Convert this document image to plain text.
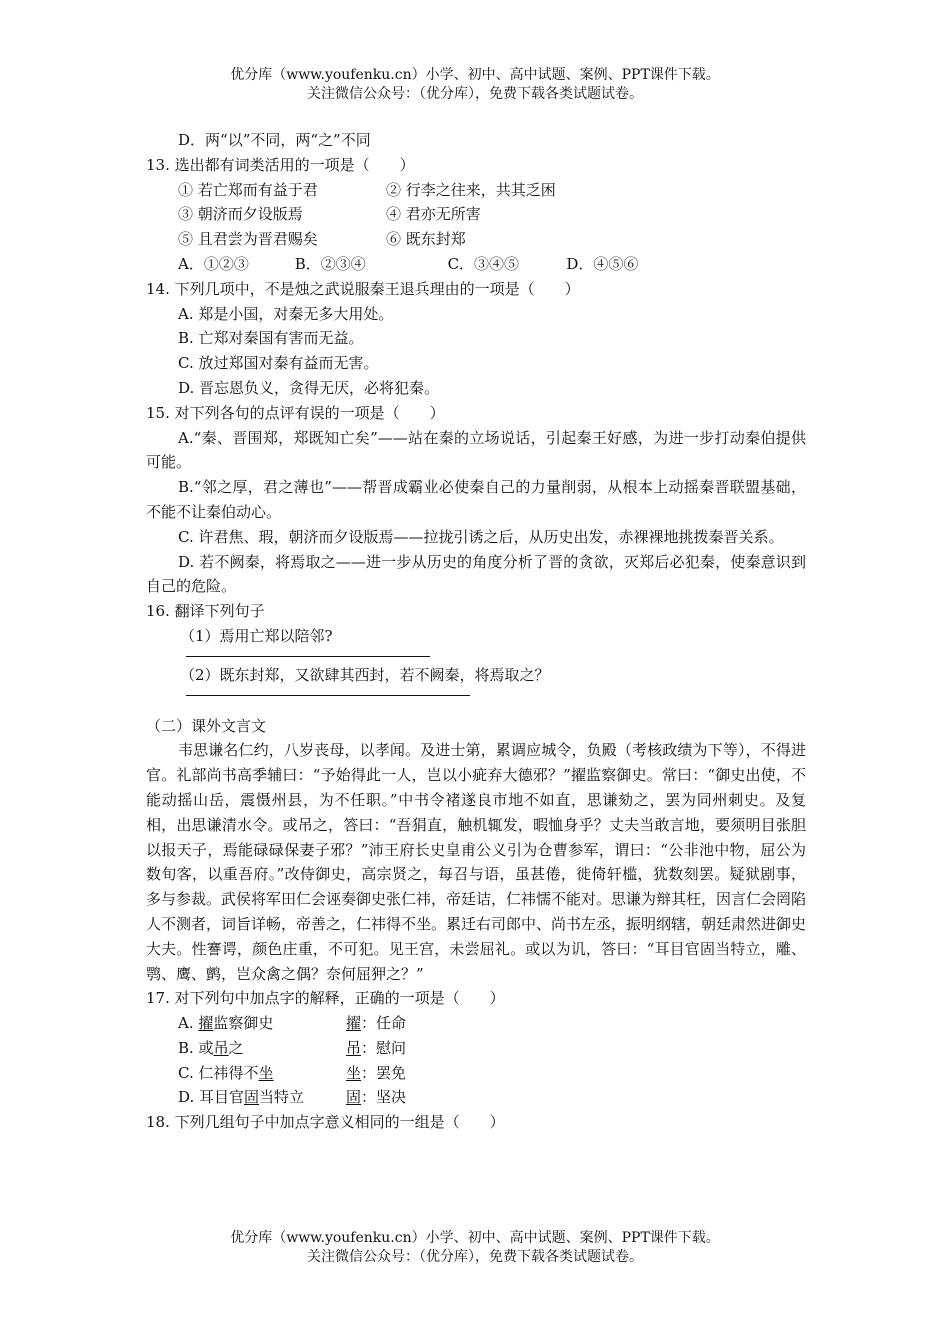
优分库（www.youfenku.cn）小学、初中、高中试题、案例、PPT课件下载。
关注微信公众号：（优分库），免费下载各类试题试卷。
D．两“以”不同，两“之”不同
13. 选出都有词类活用的一项是（　　）
① 若亡郑而有益于君	② 行李之往来，共其乏困
③ 朝济而夕设版焉	④ 君亦无所害
⑤ 且君尝为晋君赐矣	⑥ 既东封郑
A．①②③	B．②③④	C．③④⑤	D．④⑤⑥
14. 下列几项中，不是烛之武说服秦王退兵理由的一项是（　　）
A. 郑是小国，对秦无多大用处。
B. 亡郑对秦国有害而无益。
C. 放过郑国对秦有益而无害。
D. 晋忘恩负义，贪得无厌，必将犯秦。
15. 对下列各句的点评有误的一项是（　　）
A.“秦、晋围郑，郑既知亡矣”——站在秦的立场说话，引起秦王好感，为进一步打动秦伯提供可能。
B.“邻之厚，君之薄也”——帮晋成霸业必使秦自己的力量削弱，从根本上动摇秦晋联盟基础，不能不让秦伯动心。
C. 许君焦、瑕，朝济而夕设版焉——拉拢引诱之后，从历史出发，赤裸裸地挑拨秦晋关系。
D. 若不阙秦，将焉取之——进一步从历史的角度分析了晋的贪欲，灭郑后必犯秦，使秦意识到自己的危险。
16. 翻译下列句子
（1）焉用亡郑以陪邻?
（2）既东封郑，又欲肆其西封，若不阙秦，将焉取之？
（二）课外文言文
韦思谦名仁约，八岁丧母，以孝闻。及进士第，累调应城令，负殿（考核政绩为下等），不得进官。礼部尚书高季辅曰：“予始得此一人，岂以小疵弃大德邪？”擢监察御史。常曰：“御史出使，不能动摇山岳，震慑州县，为不任职。”中书令褚遂良市地不如直，思谦劾之，罢为同州刺史。及复相，出思谦清水令。或吊之，答曰：“吾狷直，触机辄发，暇恤身乎？丈夫当敢言地，要须明目张胆以报天子，焉能碌碌保妻子邪？”沛王府长史皇甫公义引为仓曹参军，谓曰：“公非池中物，屈公为数旬客，以重吾府。”改侍御史，高宗贤之，每召与语，虽甚倦，徙倚轩槛，犹数刻罢。疑狱剧事，多与参裁。武侯将军田仁会诬奏御史张仁祎，帝廷诘，仁祎懦不能对。思谦为辩其枉，因言仁会罔陷人不测者，词旨详畅，帝善之，仁祎得不坐。累迁右司郎中、尚书左丞，振明纲辖，朝廷肃然进御史大夫。性謇谔，颜色庄重，不可犯。见王宫，未尝屈礼。或以为讥，答曰：“耳目官固当特立，雕、鹗、鹰、鹯，岂众禽之偶？奈何屈狎之？”
17. 对下列句中加点字的解释，正确的一项是（　　）
A. 擢监察御史	擢：任命
B. 或吊之	吊：慰问
C. 仁祎得不坐	坐：罢免
D. 耳目官固当特立	固：坚决
18. 下列几组句子中加点字意义相同的一组是（　　）
优分库（www.youfenku.cn）小学、初中、高中试题、案例、PPT课件下载。
关注微信公众号：（优分库），免费下载各类试题试卷。
